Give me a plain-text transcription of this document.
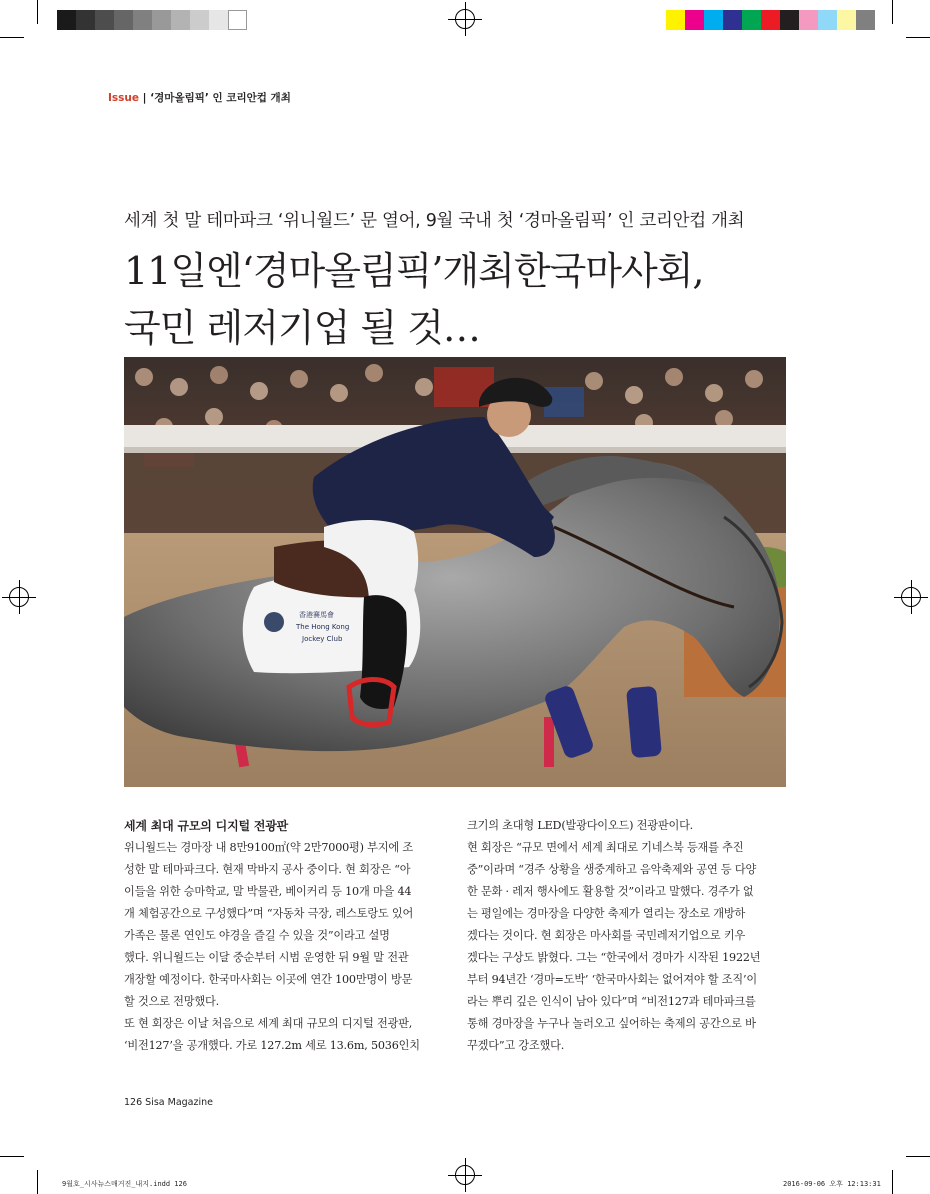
Issue | ‘경마올림픽’ 인 코리안컵 개최
세계 첫 말 테마파크 ‘위니월드’ 문 열어, 9월 국내 첫 ‘경마올림픽’ 인 코리안컵 개최
11일엔‘경마올림픽’개최한국마사회,
국민 레저기업 될 것…
香港賽馬會
The Hong Kong
Jockey Club
세계 최대 규모의 디지털 전광판

위니월드는 경마장 내 8만9100㎡(약 2만7000평) 부지에 조

성한 말 테마파크다. 현재 막바지 공사 중이다. 현 회장은 “아

이들을 위한 승마학교, 말 박물관, 베이커리 등 10개 마을 44

개 체험공간으로 구성했다”며 “자동차 극장, 레스토랑도 있어

가족은 물론 연인도 야경을 즐길 수 있을 것”이라고 설명

했다. 위니월드는 이달 중순부터 시범 운영한 뒤 9월 말 전관

개장할 예정이다. 한국마사회는 이곳에 연간 100만명이 방문

할 것으로 전망했다.

또 현 회장은 이날 처음으로 세계 최대 규모의 디지털 전광판,

‘비전127’을 공개했다. 가로 127.2m 세로 13.6m, 5036인치

크기의 초대형 LED(발광다이오드) 전광판이다.

현 회장은 “규모 면에서 세계 최대로 기네스북 등재를 추진

중”이라며 “경주 상황을 생중계하고 음악축제와 공연 등 다양

한 문화 · 레저 행사에도 활용할 것”이라고 말했다. 경주가 없

는 평일에는 경마장을 다양한 축제가 열리는 장소로 개방하

겠다는 것이다. 현 회장은 마사회를 국민레저기업으로 키우

겠다는 구상도 밝혔다. 그는 “한국에서 경마가 시작된 1922년

부터 94년간 ‘경마=도박’ ‘한국마사회는 없어져야 할 조직’이

라는 뿌리 깊은 인식이 남아 있다”며 “비전127과 테마파크를

통해 경마장을 누구나 놀러오고 싶어하는 축제의 공간으로 바

꾸겠다”고 강조했다.

126 Sisa Magazine
9월호_시사뉴스매거진_내지.indd 126	2016-09-06 오후 12:13:31
